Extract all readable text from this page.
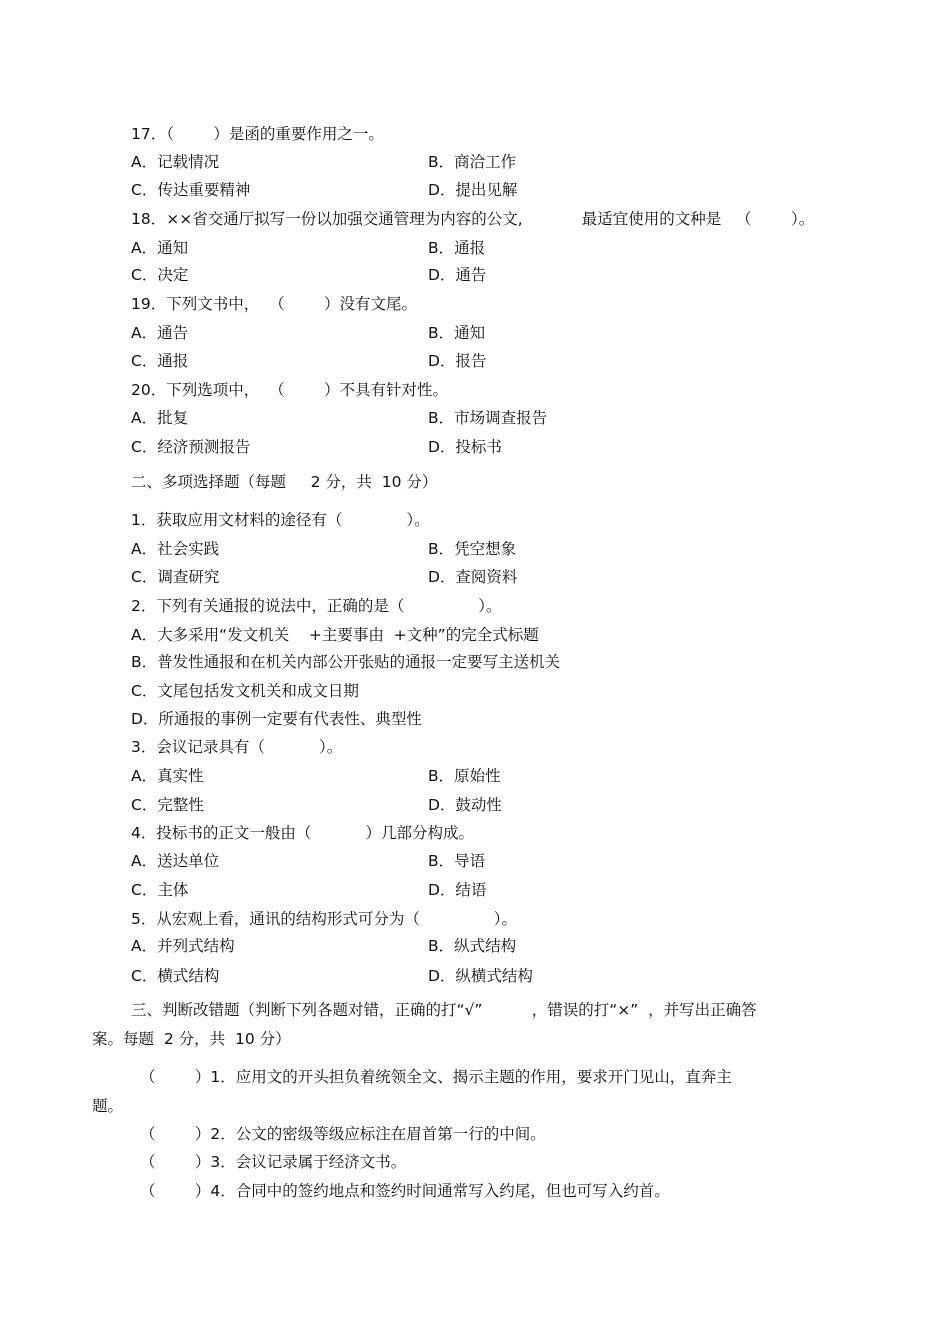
17．（        ）是函的重要作用之一。
A．记载情况	B．商洽工作
C．传达重要精神	D．提出见解
18．××省交通厅拟写一份以加强交通管理为内容的公文,            最适宜使用的文种是   （        ）。
A．通知	B．通报
C．决定	D．通告
19．下列文书中，  （        ）没有文尾。
A．通告	B．通知
C．通报	D．报告
20．下列选项中，  （        ）不具有针对性。
A．批复	B．市场调查报告
C．经济预测报告	D．投标书
二、多项选择题（每题     2 分，共  10 分）
1．获取应用文材料的途径有（             ）。
A．社会实践	B．凭空想象
C．调查研究	D．查阅资料
2．下列有关通报的说法中，正确的是（               ）。
A．大多采用“发文机关    +主要事由  +文种”的完全式标题
B．普发性通报和在机关内部公开张贴的通报一定要写主送机关
C．文尾包括发文机关和成文日期
D．所通报的事例一定要有代表性、典型性
3．会议记录具有（           ）。
A．真实性	B．原始性
C．完整性	D．鼓动性
4．投标书的正文一般由（           ）几部分构成。
A．送达单位	B．导语
C．主体	D．结语
5．从宏观上看，通讯的结构形式可分为（               ）。
A．并列式结构	B．纵式结构
C．横式结构	D．纵横式结构
三、判断改错题（判断下列各题对错，正确的打“√”          ，错误的打“×”  ，并写出正确答
案。每题  2 分，共  10 分）
（        ）1．应用文的开头担负着统领全文、揭示主题的作用，要求开门见山，直奔主
题。
（        ）2．公文的密级等级应标注在眉首第一行的中间。
（        ）3．会议记录属于经济文书。
（        ）4．合同中的签约地点和签约时间通常写入约尾，但也可写入约首。
